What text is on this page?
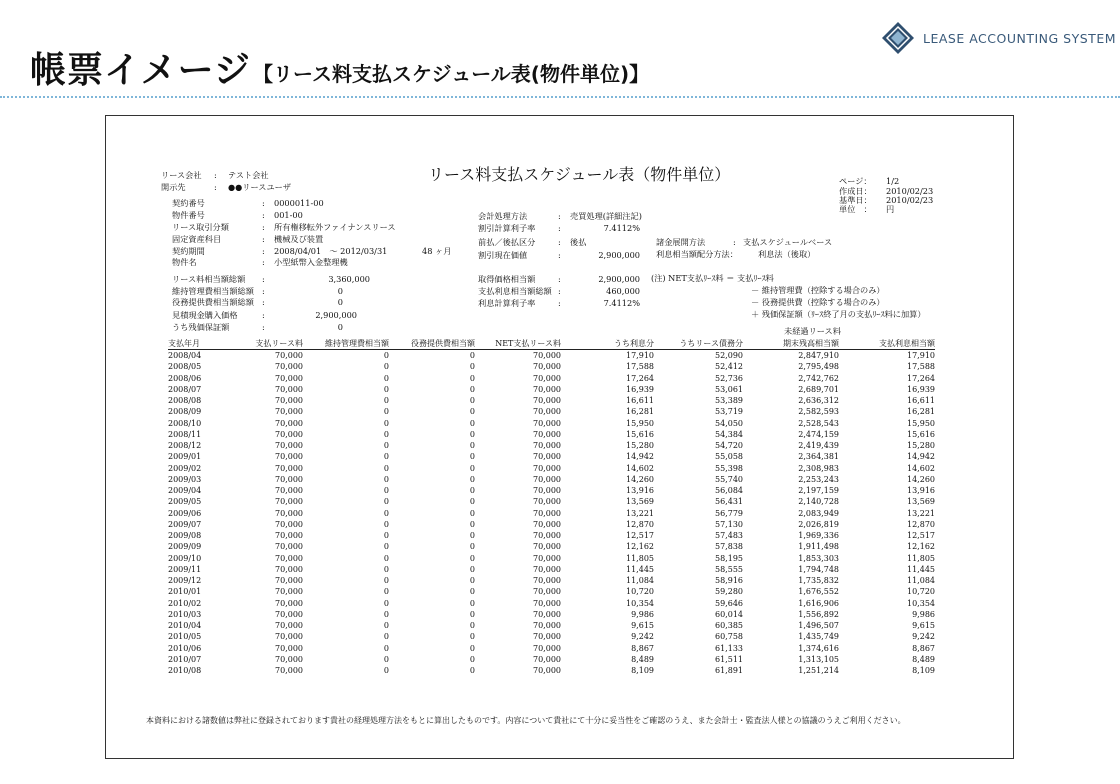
帳票イメージ 【リース料支払スケジュール表(物件単位)】
LEASE ACCOUNTING SYSTEM
リース料支払スケジュール表（物件単位）
リース会社 : テスト会社
開示先	: ●●リースユーザ
ページ： 1/2
作成日： 2010/02/23
基準日： 2010/02/23
単位　： 円
契約番号	: 0000011-00
物件番号	: 001-00
リース取引分類	: 所有権移転外ファイナンスリース
固定資産科目	: 機械及び装置
契約期間	: 2008/04/01　～ 2012/03/31	48 ヶ月
物件名	: 小型紙幣入金整理機
会計処理方法	: 売買処理(詳細注記)
割引計算利子率	:	7.4112%
前払／後払区分	: 後払
割引現在価値	:	2,900,000
諸金展開方法	: 支払スケジュールベース
利息相当額配分方法： 利息法（後取）
リース料相当額総額 :	3,360,000
維持管理費相当額総額 :	0
役務提供費相当額総額 :	0
見積現金購入価格	:	2,900,000
うち残価保証額	:	0
取得価格相当額	:	2,900,000
支払利息相当額総額 :	460,000
利息計算利子率	:	7.4112%
(注) NET支払ﾘｰｽ料 ＝ 支払ﾘｰｽ料
－ 維持管理費（控除する場合のみ）
－ 役務提供費（控除する場合のみ）
＋ 残価保証額（ﾘｰｽ終了月の支払ﾘｰｽ料に加算）
未経過リース料
支払年月	支払リース料	維持管理費相当額	役務提供費相当額	NET支払リース料	うち利息分	うちリース債務分	期末残高相当額	支払利息相当額
2008/04	70,000	0	0	70,000	17,910	52,090	2,847,910	17,910
2008/05	70,000	0	0	70,000	17,588	52,412	2,795,498	17,588
2008/06	70,000	0	0	70,000	17,264	52,736	2,742,762	17,264
2008/07	70,000	0	0	70,000	16,939	53,061	2,689,701	16,939
2008/08	70,000	0	0	70,000	16,611	53,389	2,636,312	16,611
2008/09	70,000	0	0	70,000	16,281	53,719	2,582,593	16,281
2008/10	70,000	0	0	70,000	15,950	54,050	2,528,543	15,950
2008/11	70,000	0	0	70,000	15,616	54,384	2,474,159	15,616
2008/12	70,000	0	0	70,000	15,280	54,720	2,419,439	15,280
2009/01	70,000	0	0	70,000	14,942	55,058	2,364,381	14,942
2009/02	70,000	0	0	70,000	14,602	55,398	2,308,983	14,602
2009/03	70,000	0	0	70,000	14,260	55,740	2,253,243	14,260
2009/04	70,000	0	0	70,000	13,916	56,084	2,197,159	13,916
2009/05	70,000	0	0	70,000	13,569	56,431	2,140,728	13,569
2009/06	70,000	0	0	70,000	13,221	56,779	2,083,949	13,221
2009/07	70,000	0	0	70,000	12,870	57,130	2,026,819	12,870
2009/08	70,000	0	0	70,000	12,517	57,483	1,969,336	12,517
2009/09	70,000	0	0	70,000	12,162	57,838	1,911,498	12,162
2009/10	70,000	0	0	70,000	11,805	58,195	1,853,303	11,805
2009/11	70,000	0	0	70,000	11,445	58,555	1,794,748	11,445
2009/12	70,000	0	0	70,000	11,084	58,916	1,735,832	11,084
2010/01	70,000	0	0	70,000	10,720	59,280	1,676,552	10,720
2010/02	70,000	0	0	70,000	10,354	59,646	1,616,906	10,354
2010/03	70,000	0	0	70,000	9,986	60,014	1,556,892	9,986
2010/04	70,000	0	0	70,000	9,615	60,385	1,496,507	9,615
2010/05	70,000	0	0	70,000	9,242	60,758	1,435,749	9,242
2010/06	70,000	0	0	70,000	8,867	61,133	1,374,616	8,867
2010/07	70,000	0	0	70,000	8,489	61,511	1,313,105	8,489
2010/08	70,000	0	0	70,000	8,109	61,891	1,251,214	8,109
本資料における諸数値は弊社に登録されております貴社の経理処理方法をもとに算出したものです。内容について貴社にて十分に妥当性をご確認のうえ、また会計士・監査法人様との協議のうえご利用ください。
